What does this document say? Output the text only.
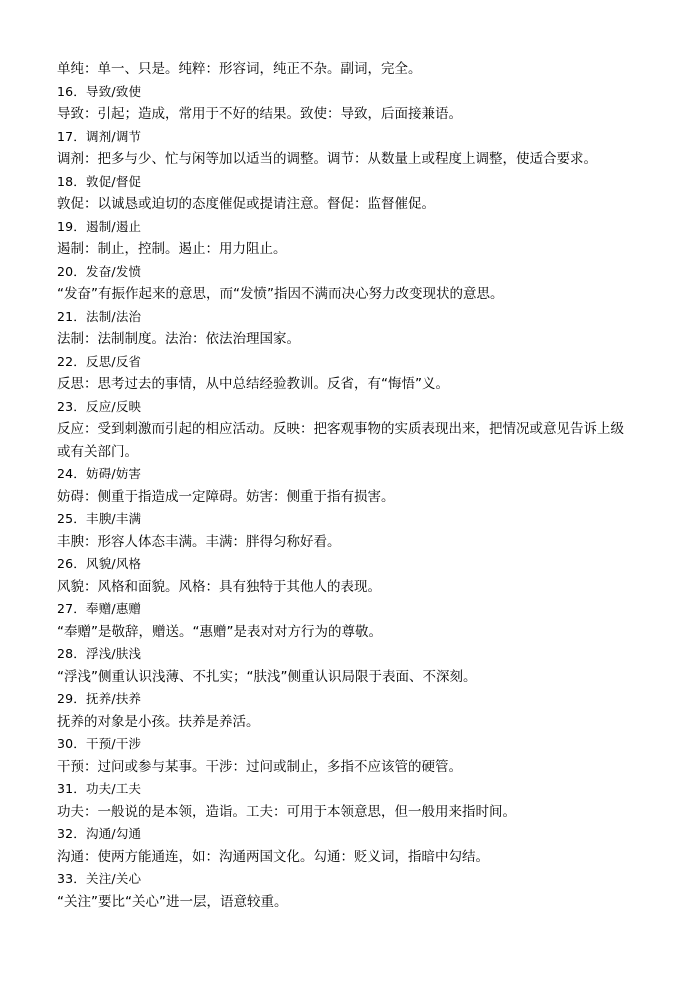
单纯：单一、只是。纯粹：形容词，纯正不杂。副词，完全。
16．导致/致使
导致：引起；造成，常用于不好的结果。致使：导致，后面接兼语。
17．调剂/调节
调剂：把多与少、忙与闲等加以适当的调整。调节：从数量上或程度上调整，使适合要求。
18．敦促/督促
敦促：以诚恳或迫切的态度催促或提请注意。督促：监督催促。
19．遏制/遏止
遏制：制止，控制。遏止：用力阻止。
20．发奋/发愤
“发奋”有振作起来的意思，而“发愤”指因不满而决心努力改变现状的意思。
21．法制/法治
法制：法制制度。法治：依法治理国家。
22．反思/反省
反思：思考过去的事情，从中总结经验教训。反省，有“悔悟”义。
23．反应/反映
反应：受到刺激而引起的相应活动。反映：把客观事物的实质表现出来，把情况或意见告诉上级
或有关部门。
24．妨碍/妨害
妨碍：侧重于指造成一定障碍。妨害：侧重于指有损害。
25．丰腴/丰满
丰腴：形容人体态丰满。丰满：胖得匀称好看。
26．风貌/风格
风貌：风格和面貌。风格：具有独特于其他人的表现。
27．奉赠/惠赠
“奉赠”是敬辞，赠送。“惠赠”是表对对方行为的尊敬。
28．浮浅/肤浅
“浮浅”侧重认识浅薄、不扎实；“肤浅”侧重认识局限于表面、不深刻。
29．抚养/扶养
抚养的对象是小孩。扶养是养活。
30．干预/干涉
干预：过问或参与某事。干涉：过问或制止，多指不应该管的硬管。
31．功夫/工夫
功夫：一般说的是本领，造诣。工夫：可用于本领意思，但一般用来指时间。
32．沟通/勾通
沟通：使两方能通连，如：沟通两国文化。勾通：贬义词，指暗中勾结。
33．关注/关心
“关注”要比“关心”进一层，语意较重。
